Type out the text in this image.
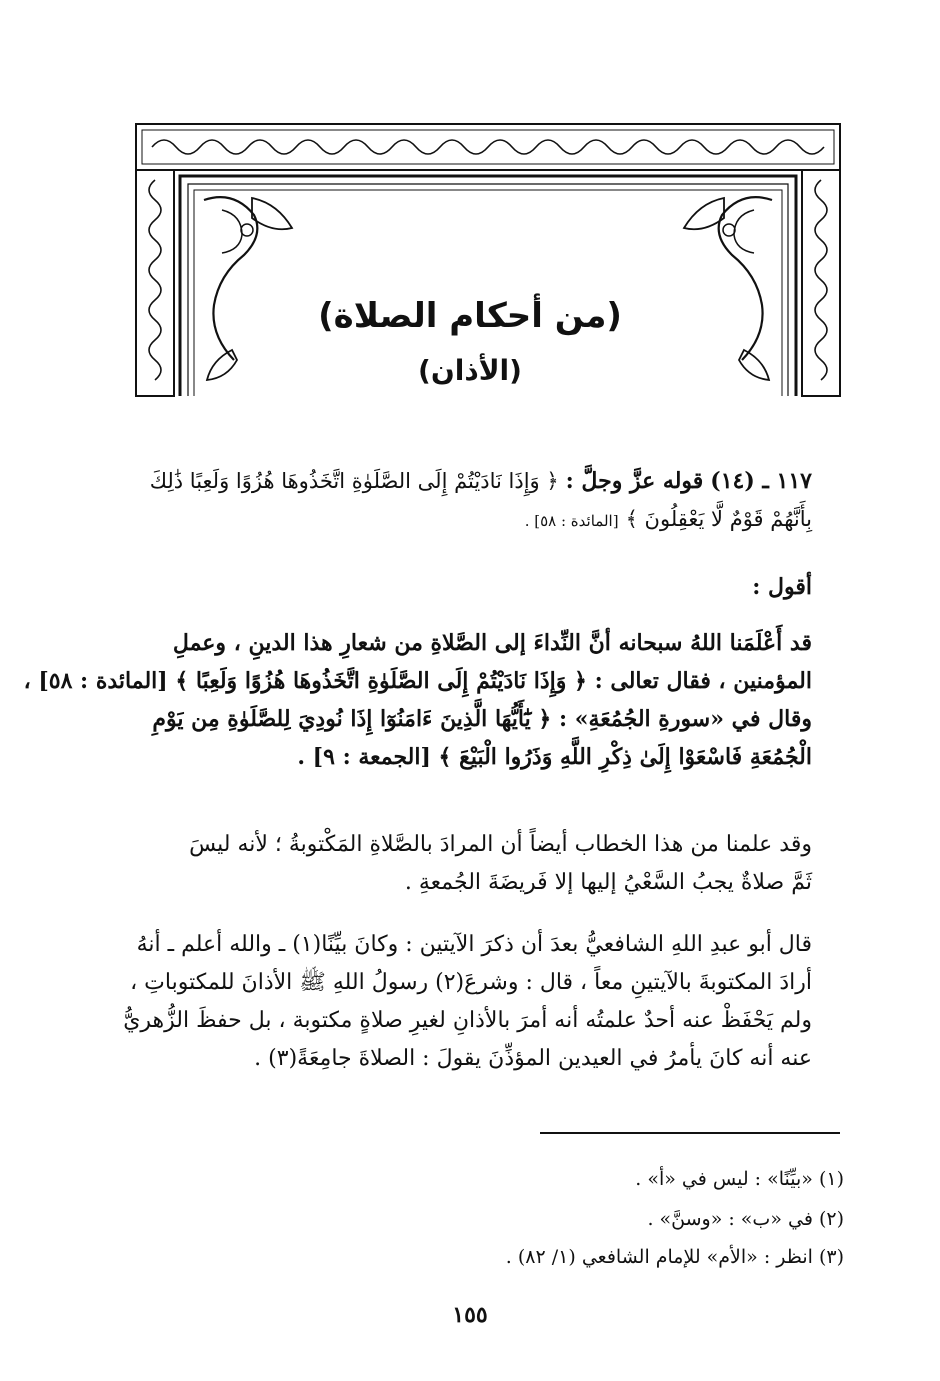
(من أحكام الصلاة)
(الأذان)
١١٧ ـ (١٤) قوله عزَّ وجلَّ : ﴿ وَإِذَا نَادَيْتُمْ إِلَى الصَّلَوٰةِ اتَّخَذُوهَا هُزُوًا وَلَعِبًا ذَٰلِكَ
بِأَنَّهُمْ قَوْمٌ لَّا يَعْقِلُونَ ﴾ [المائدة : ٥٨] .
أقول :
قد أَعْلَمَنا اللهُ سبحانه أنَّ النِّداءَ إلى الصَّلاةِ من شعارِ هذا الدينِ ، وعملِ
المؤمنين ، فقال تعالى : ﴿ وَإِذَا نَادَيْتُمْ إِلَى الصَّلَوٰةِ اتَّخَذُوهَا هُزُوًا وَلَعِبًا ﴾ [المائدة : ٥٨] ،
وقال في «سورةِ الجُمُعَةِ» : ﴿ يَٰٓأَيُّهَا الَّذِينَ ءَامَنُوٓا إِذَا نُودِيَ لِلصَّلَوٰةِ مِن يَوْمِ
الْجُمُعَةِ فَاسْعَوْا إِلَىٰ ذِكْرِ اللَّهِ وَذَرُوا الْبَيْعَ ﴾ [الجمعة : ٩] .
وقد علمنا من هذا الخطاب أيضاً أن المرادَ بالصَّلاةِ المَكْتوبةُ ؛ لأنه ليسَ
ثَمَّ صلاةٌ يجبُ السَّعْيُ إليها إلا فَريضَةَ الجُمعةِ .
قال أبو عبدِ اللهِ الشافعيُّ بعدَ أن ذكرَ الآيتين : وكانَ بيِّنًا(١) ـ والله أعلم ـ أنهُ
أرادَ المكتوبةَ بالآيتينِ معاً ، قال : وشرعَ(٢) رسولُ اللهِ ﷺ الأذانَ للمكتوباتِ ،
ولم يَحْفَظْ عنه أحدٌ علمتُه أنه أمرَ بالأذانِ لغيرِ صلاةٍ مكتوبة ، بل حفظَ الزُّهريُّ
عنه أنه كانَ يأمرُ في العيدين المؤذِّنَ يقولَ : الصلاةَ جامِعَةً(٣) .
(١) «بيِّنًا» : ليس في «أ» .
(٢) في «ب» : «وسنَّ» .
(٣) انظر : «الأم» للإمام الشافعي (١/ ٨٢) .
١٥٥
